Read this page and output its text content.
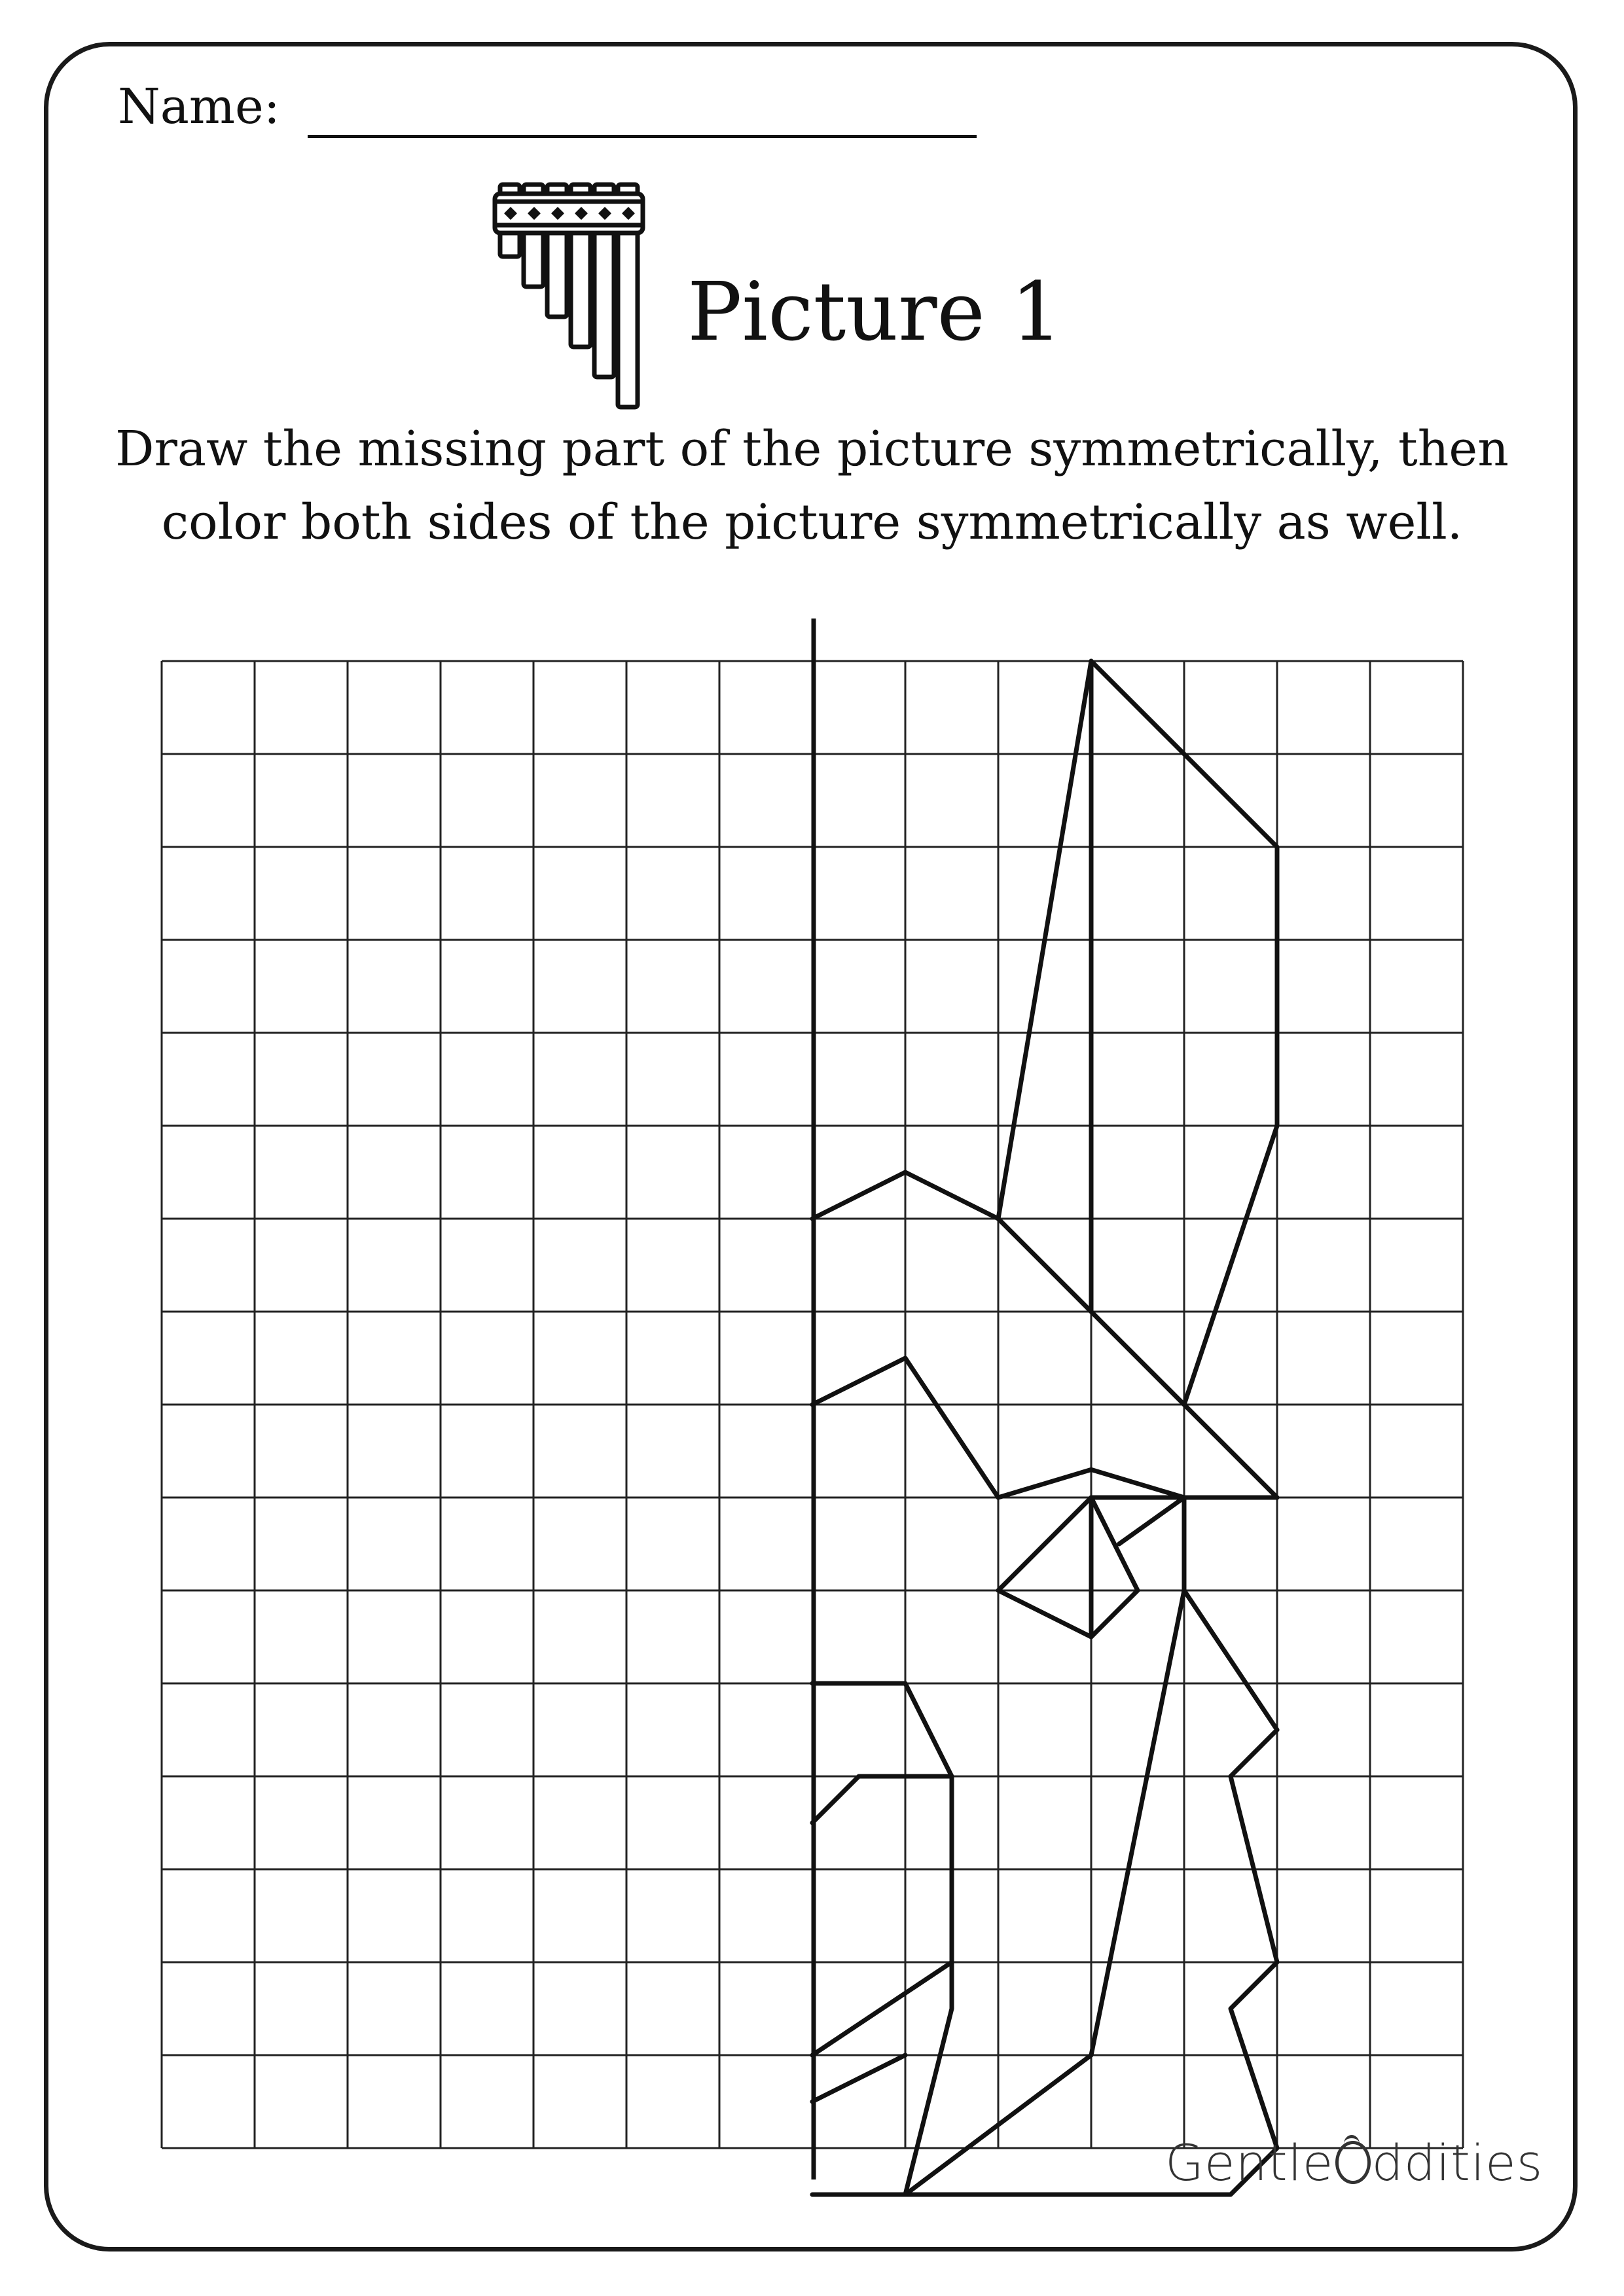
Name:
Picture 1
Draw the missing part of the picture symmetrically, then
color both sides of the picture symmetrically as well.
Gentle ddities
